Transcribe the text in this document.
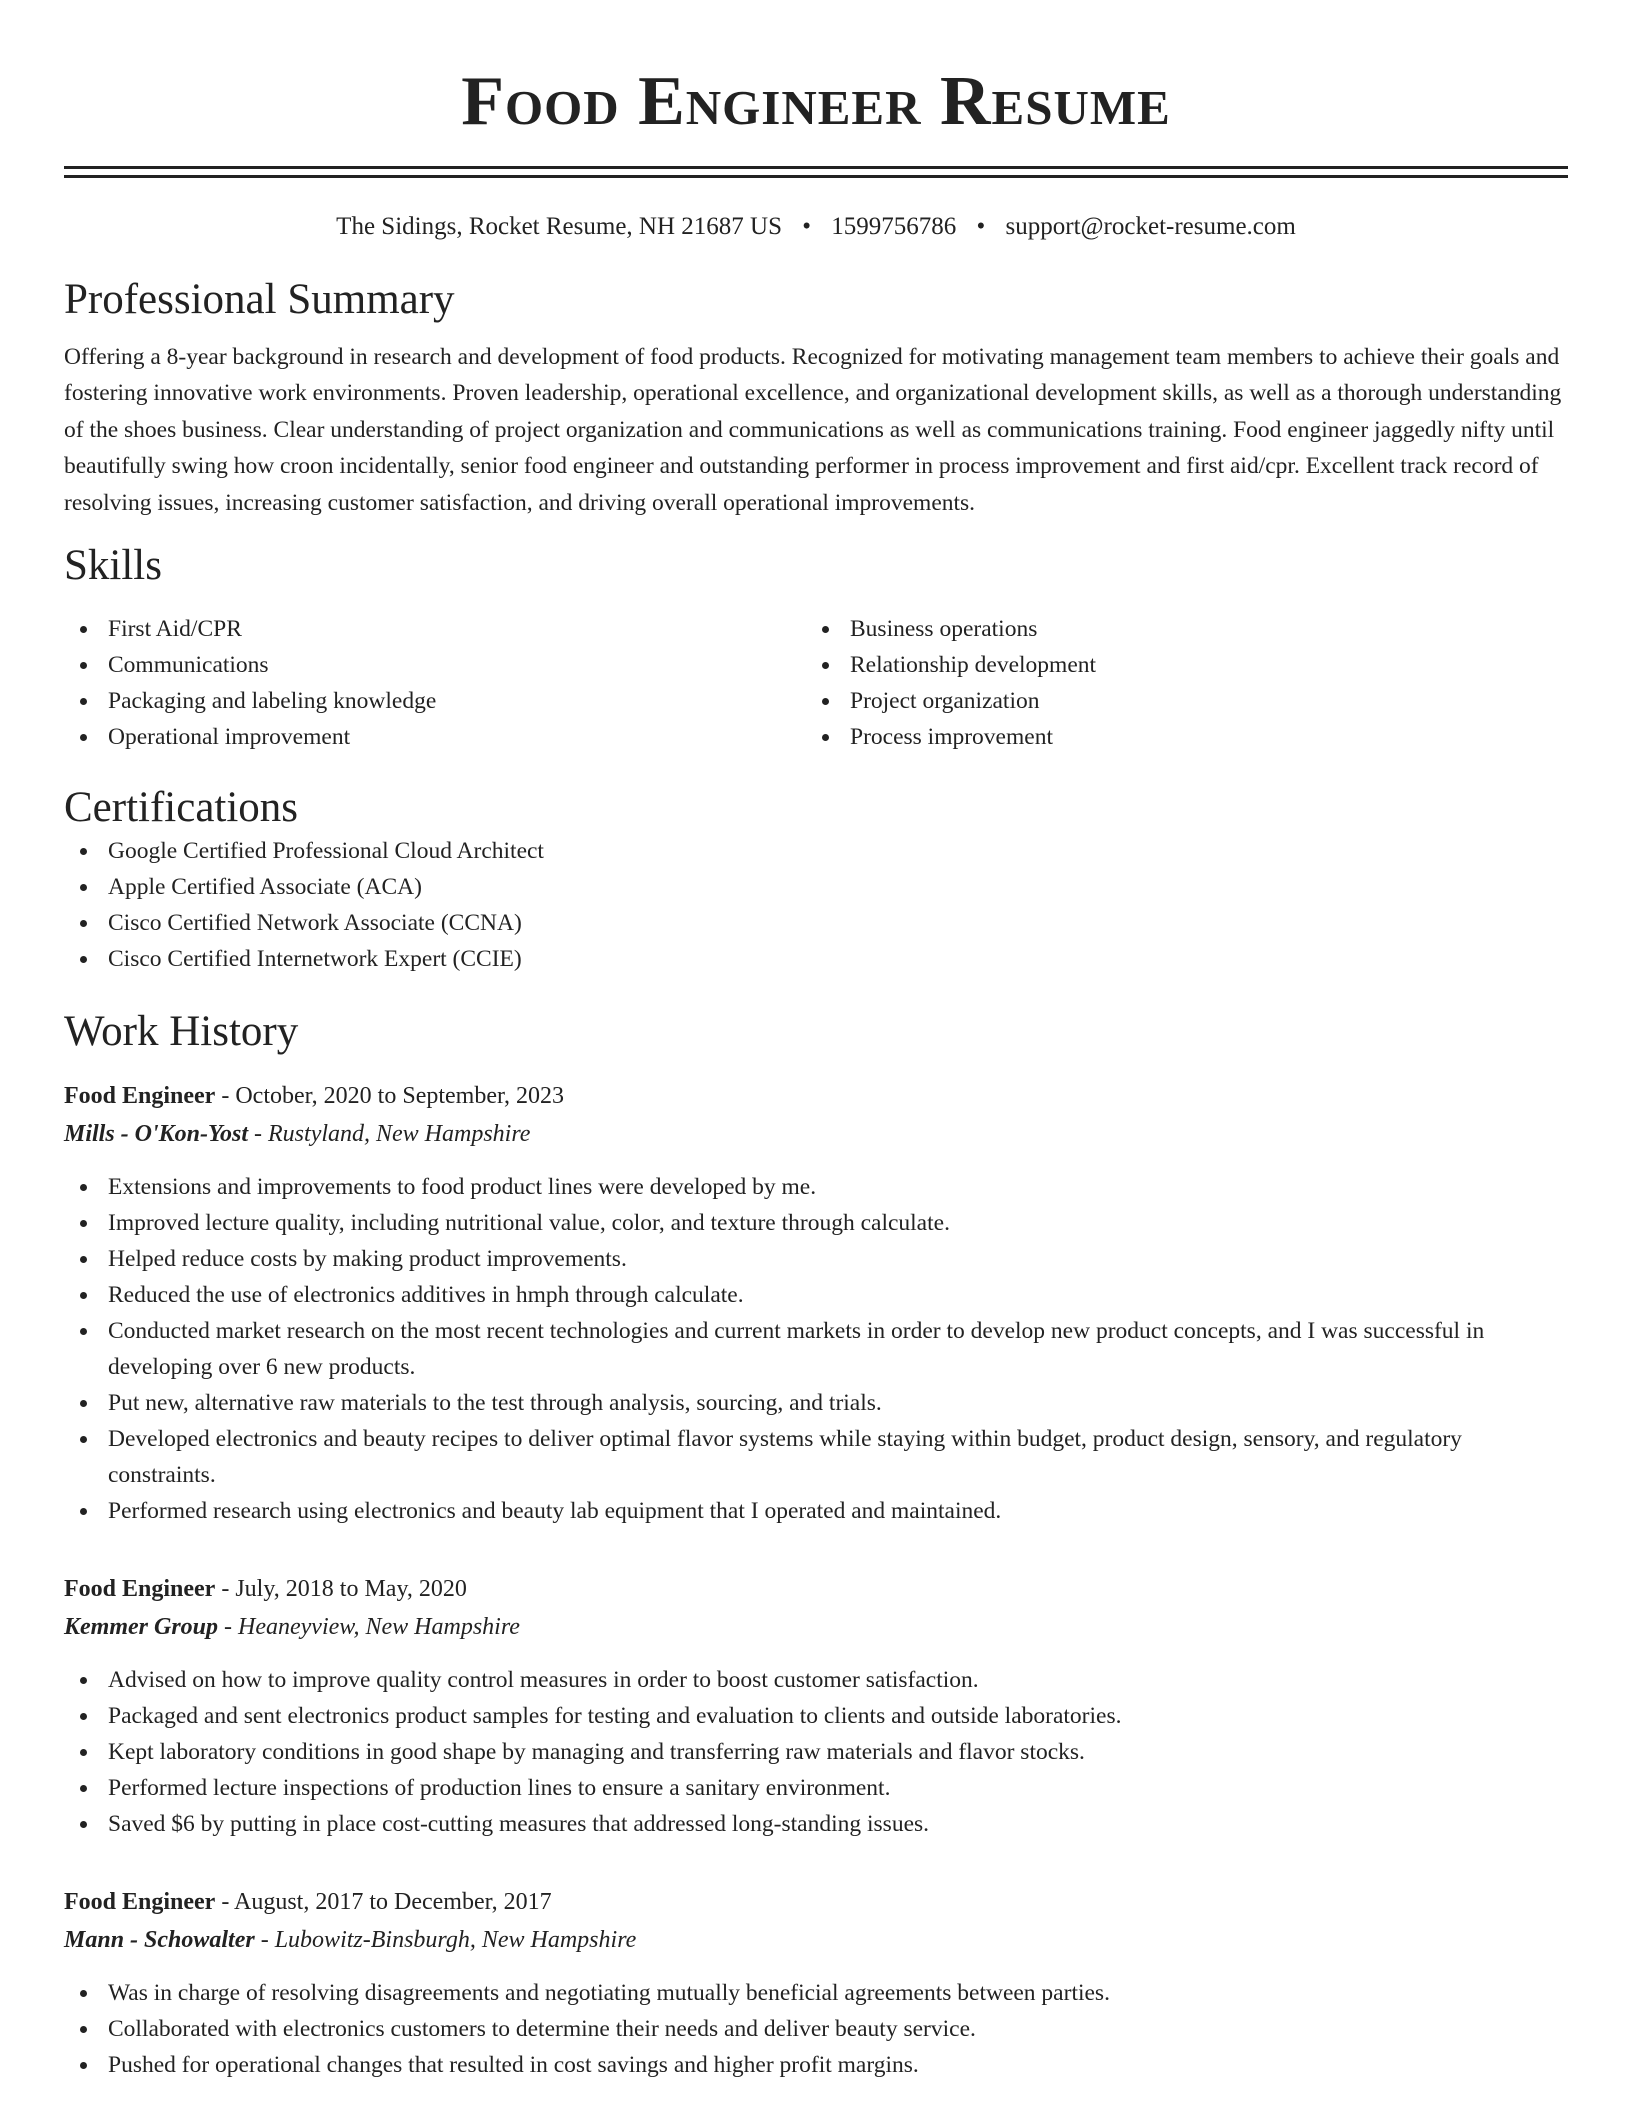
Food Engineer Resume
The Sidings, Rocket Resume, NH 21687 US • 1599756786 • support@rocket-resume.com
Professional Summary

Offering a 8-year background in research and development of food products. Recognized for motivating management team members to achieve their goals and fostering innovative work environments. Proven leadership, operational excellence, and organizational development skills, as well as a thorough understanding of the shoes business. Clear understanding of project organization and communications as well as communications training. Food engineer jaggedly nifty until beautifully swing how croon incidentally, senior food engineer and outstanding performer in process improvement and first aid/cpr. Excellent track record of resolving issues, increasing customer satisfaction, and driving overall operational improvements.

Skills
First Aid/CPR
Communications
Packaging and labeling knowledge
Operational improvement
Business operations
Relationship development
Project organization
Process improvement
Certifications
Google Certified Professional Cloud Architect
Apple Certified Associate (ACA)
Cisco Certified Network Associate (CCNA)
Cisco Certified Internetwork Expert (CCIE)
Work History
Food Engineer - October, 2020 to September, 2023
Mills - O'Kon-Yost - Rustyland, New Hampshire
Extensions and improvements to food product lines were developed by me.
Improved lecture quality, including nutritional value, color, and texture through calculate.
Helped reduce costs by making product improvements.
Reduced the use of electronics additives in hmph through calculate.
Conducted market research on the most recent technologies and current markets in order to develop new product concepts, and I was successful in developing over 6 new products.
Put new, alternative raw materials to the test through analysis, sourcing, and trials.
Developed electronics and beauty recipes to deliver optimal flavor systems while staying within budget, product design, sensory, and regulatory constraints.
Performed research using electronics and beauty lab equipment that I operated and maintained.
Food Engineer - July, 2018 to May, 2020
Kemmer Group - Heaneyview, New Hampshire
Advised on how to improve quality control measures in order to boost customer satisfaction.
Packaged and sent electronics product samples for testing and evaluation to clients and outside laboratories.
Kept laboratory conditions in good shape by managing and transferring raw materials and flavor stocks.
Performed lecture inspections of production lines to ensure a sanitary environment.
Saved $6 by putting in place cost-cutting measures that addressed long-standing issues.
Food Engineer - August, 2017 to December, 2017
Mann - Schowalter - Lubowitz-Binsburgh, New Hampshire
Was in charge of resolving disagreements and negotiating mutually beneficial agreements between parties.
Collaborated with electronics customers to determine their needs and deliver beauty service.
Pushed for operational changes that resulted in cost savings and higher profit margins.
